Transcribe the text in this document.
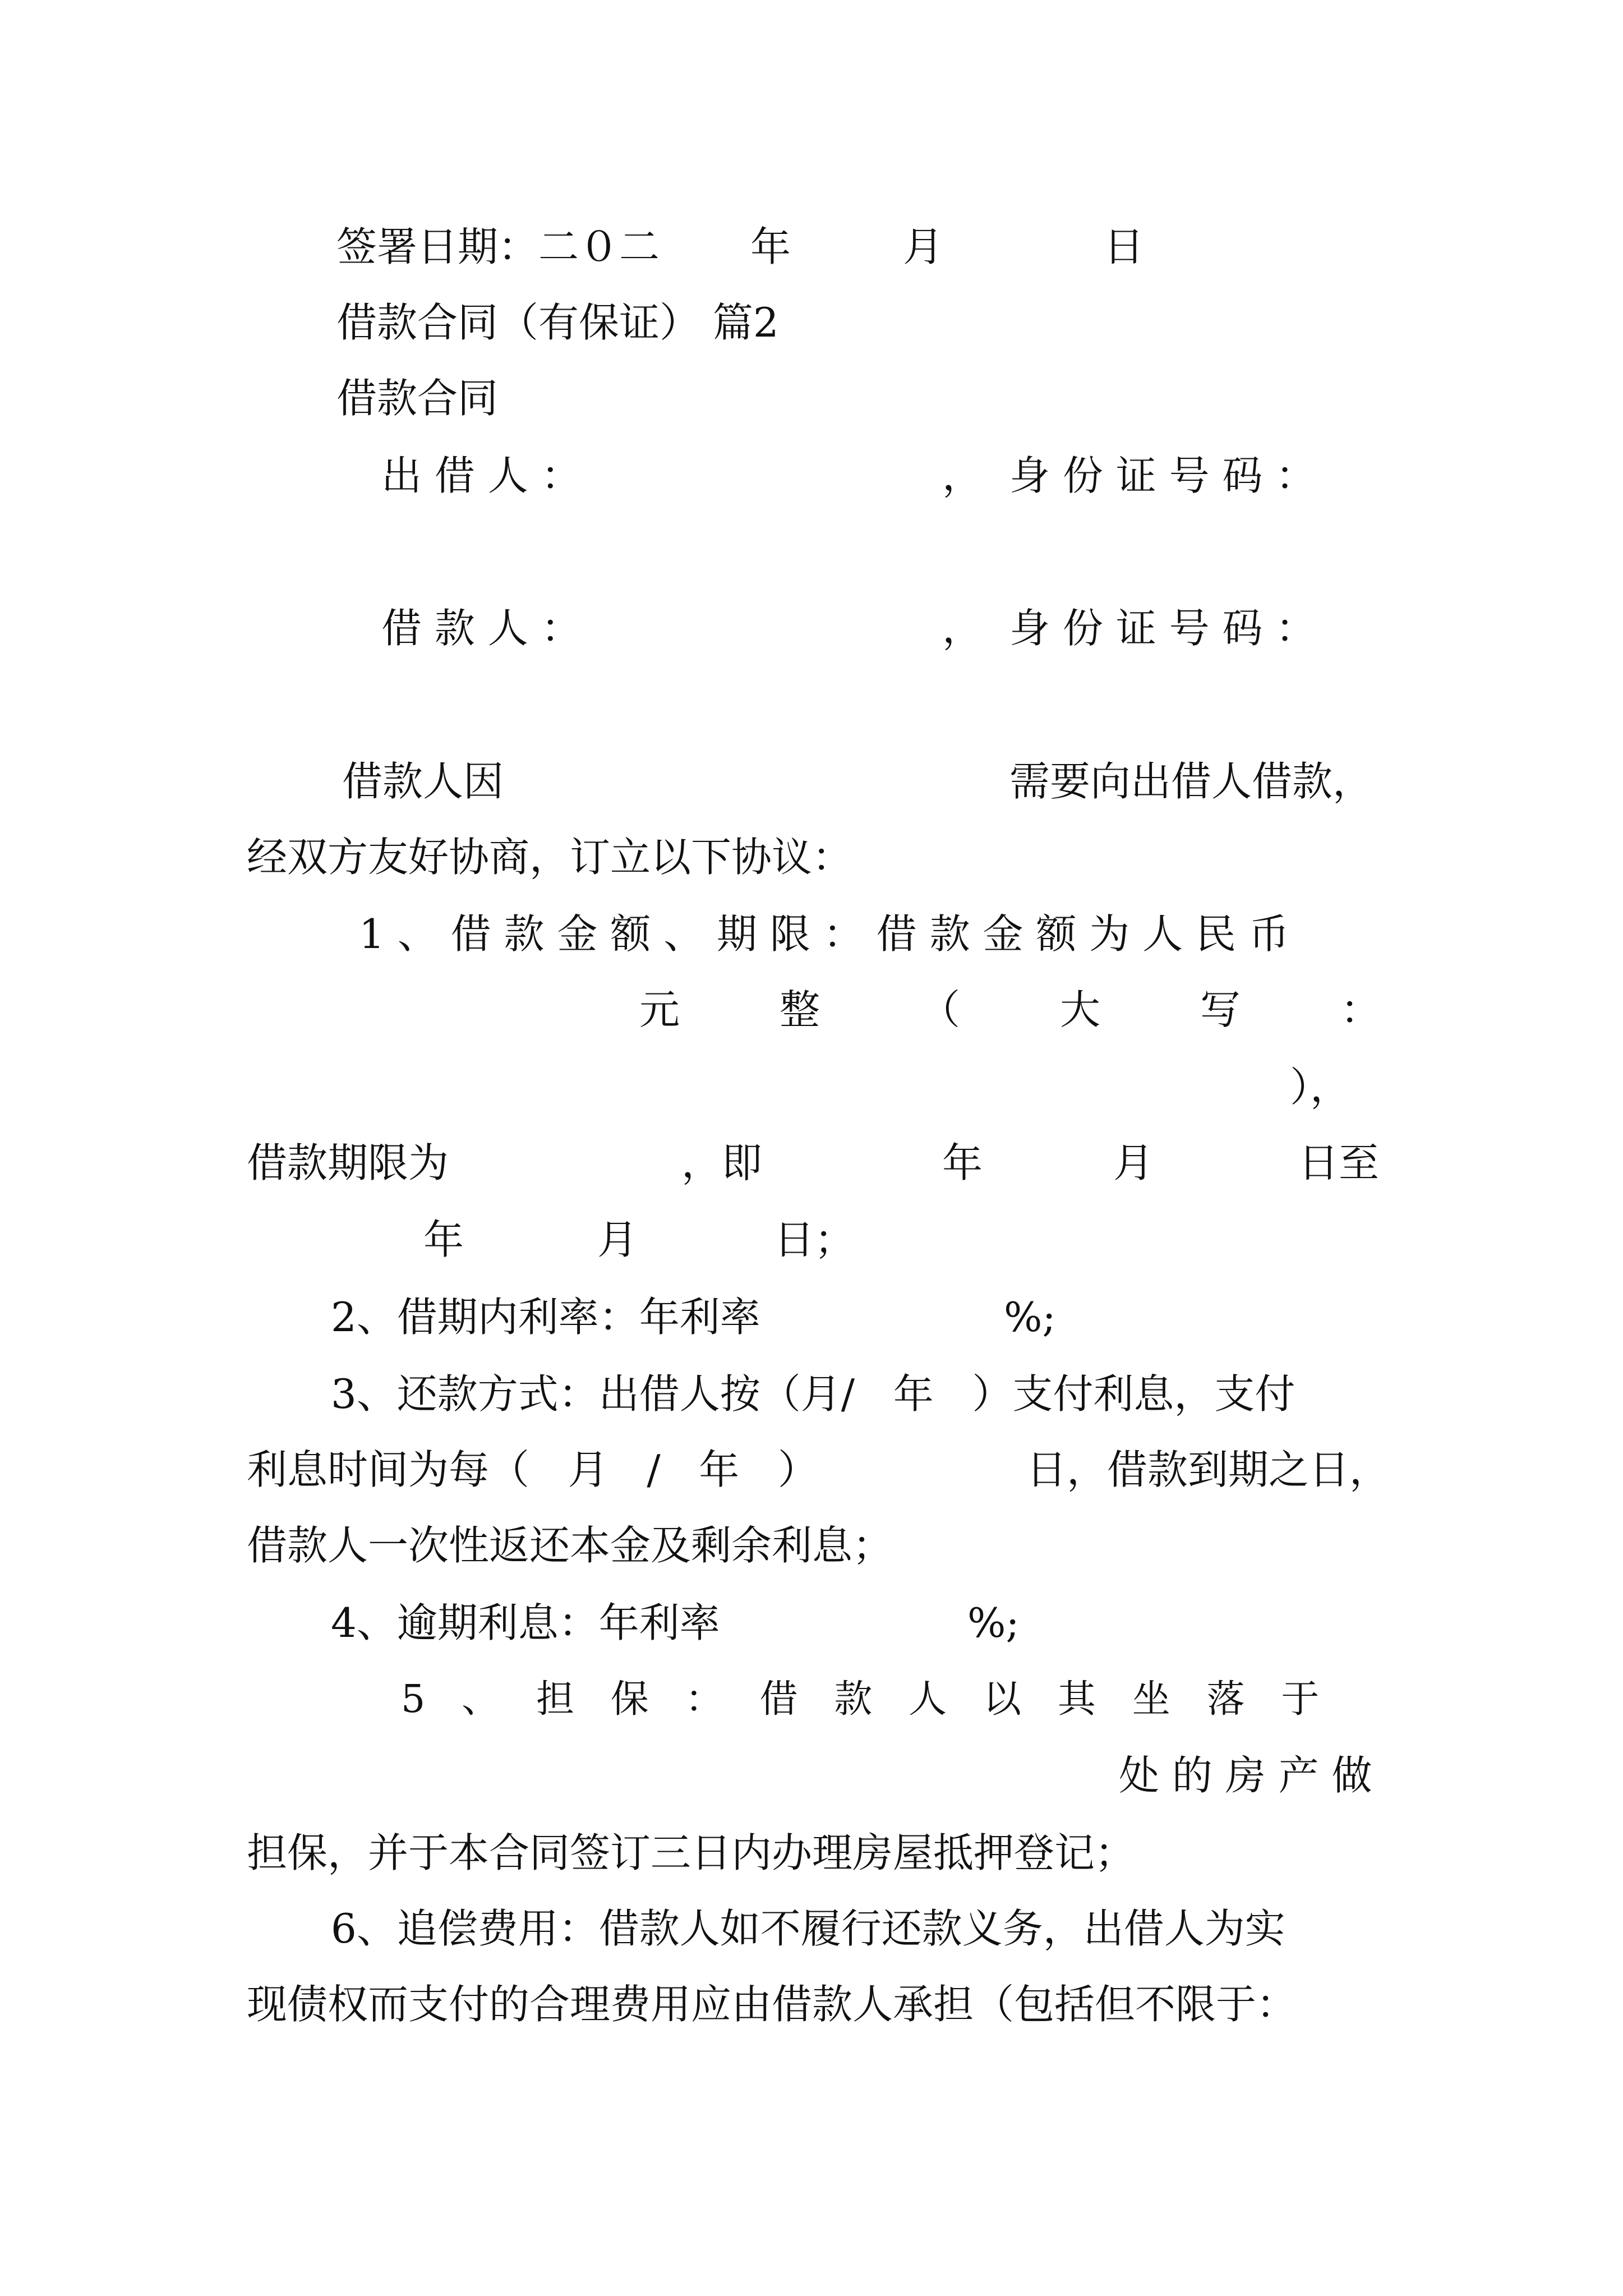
签署日期：二０二

年

	月

	日

借款合同（有保证） 篇2

借款合同

出 借 人 ：

	，

身 份 证 号 码 ：

借 款 人 ：

	，

身 份 证 号 码 ：

借款人因

	需要向出借人借款，

经双方友好协商，订立以下协议：

1 、 借 款 金 额 、 期 限 ： 借 款 金 额 为 人 民 币

元

整

（

大

写

：

），

借款期限为

	，即

	年

	月

	日至

年

	月

	日；

2、借期内利率：年利率

	%;

3、还款方式：出借人按（月/   年   ）支付利息，支付

利息时间为每（   月   /   年   ）

	日，借款到期之日，

借款人一次性返还本金及剩余利息；

4、逾期利息：年利率

	%;

5   、   担   保   ：   借   款   人   以   其   坐   落   于

处 的 房 产 做

担保，并于本合同签订三日内办理房屋抵押登记；

6、追偿费用：借款人如不履行还款义务，出借人为实

现债权而支付的合理费用应由借款人承担（包括但不限于：
